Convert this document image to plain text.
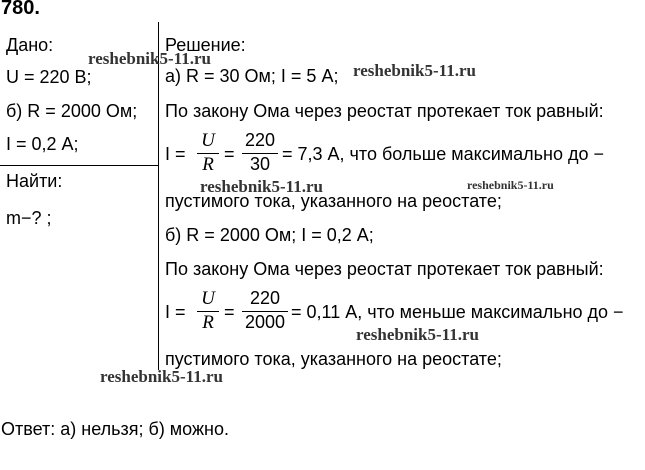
780.
Дано:
U = 220 В;
б) R = 2000 Ом;
I = 0,2 А;
Найти:
m−? ;
Решение:
а) R = 30 Ом; I = 5 А;
По закону Ома через реостат протекает ток равный:
I =
U
R =
220
30 = 7,3 А, что больше максимально до −
пустимого тока, указанного на реостате;
б) R = 2000 Ом; I = 0,2 А;
По закону Ома через реостат протекает ток равный:
I =
U
R =
220
2000 = 0,11 А, что меньше максимально до −
пустимого тока, указанного на реостате;
Ответ: а) нельзя; б) можно.
reshebnik5-11.ru
reshebnik5-11.ru
reshebnik5-11.ru	reshebnik5-11.ru
reshebnik5-11.ru
reshebnik5-11.ru
